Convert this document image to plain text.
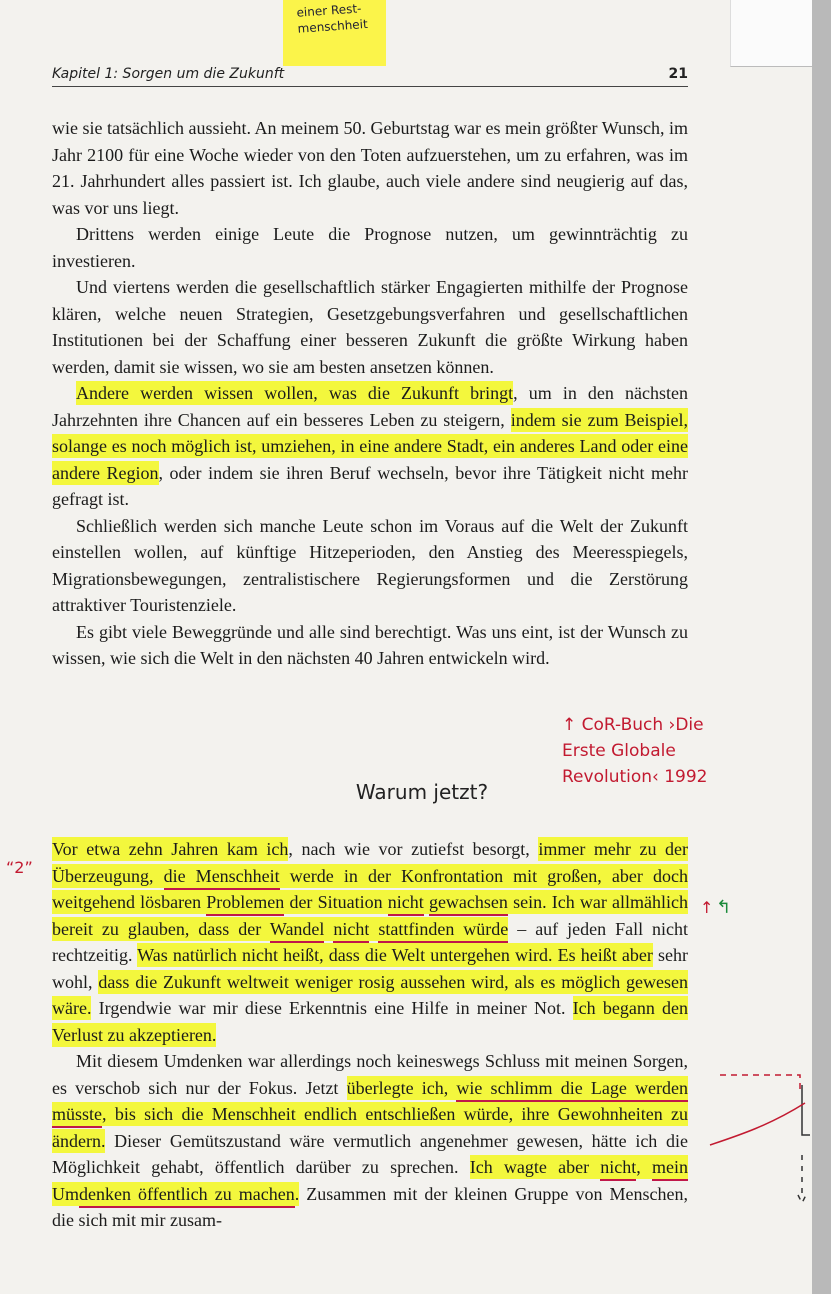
einer Rest-menschheit
Kapitel 1: Sorgen um die Zukunft	21

wie sie tatsächlich aussieht. An meinem 50. Geburtstag war es mein größter Wunsch, im Jahr 2100 für eine Woche wieder von den Toten aufzuerstehen, um zu erfahren, was im 21. Jahrhundert alles passiert ist. Ich glaube, auch viele andere sind neugierig auf das, was vor uns liegt.

Drittens werden einige Leute die Prognose nutzen, um gewinnträchtig zu investieren.

Und viertens werden die gesellschaftlich stärker Engagierten mithilfe der Prognose klären, welche neuen Strategien, Gesetzgebungsverfahren und gesellschaftlichen Institutionen bei der Schaffung einer besseren Zukunft die größte Wirkung haben werden, damit sie wissen, wo sie am besten ansetzen können.

Andere werden wissen wollen, was die Zukunft bringt, um in den nächsten Jahrzehnten ihre Chancen auf ein besseres Leben zu steigern, indem sie zum Beispiel, solange es noch möglich ist, umziehen, in eine andere Stadt, ein anderes Land oder eine andere Region, oder indem sie ihren Beruf wechseln, bevor ihre Tätigkeit nicht mehr gefragt ist.

Schließlich werden sich manche Leute schon im Voraus auf die Welt der Zukunft einstellen wollen, auf künftige Hitzeperioden, den Anstieg des Meeresspiegels, Migrationsbewegungen, zentralistischere Regierungsformen und die Zerstörung attraktiver Touristenziele.

Es gibt viele Beweggründe und alle sind berechtigt. Was uns eint, ist der Wunsch zu wissen, wie sich die Welt in den nächsten 40 Jahren entwickeln wird.

↑ CoR-Buch ›Die
Erste Globale
Revolution‹ 1992
Warum jetzt?

Vor etwa zehn Jahren kam ich, nach wie vor zutiefst besorgt, immer mehr zu der Überzeugung, die Menschheit werde in der Konfrontation mit großen, aber doch weitgehend lösbaren Problemen der Situation nicht gewachsen sein. Ich war allmählich bereit zu glauben, dass der Wandel nicht stattfinden würde – auf jeden Fall nicht rechtzeitig. Was natürlich nicht heißt, dass die Welt untergehen wird. Es heißt aber sehr wohl, dass die Zukunft weltweit weniger rosig aussehen wird, als es möglich gewesen wäre. Irgendwie war mir diese Erkenntnis eine Hilfe in meiner Not. Ich begann den Verlust zu akzeptieren.

Mit diesem Umdenken war allerdings noch keineswegs Schluss mit meinen Sorgen, es verschob sich nur der Fokus. Jetzt überlegte ich, wie schlimm die Lage werden müsste, bis sich die Menschheit endlich entschließen würde, ihre Gewohnheiten zu ändern. Dieser Gemütszustand wäre vermutlich angenehmer gewesen, hätte ich die Möglichkeit gehabt, öffentlich darüber zu sprechen. Ich wagte aber nicht, mein Umdenken öffentlich zu machen. Zusammen mit der kleinen Gruppe von Menschen, die sich mit mir zusam-

“2”
↑ ↰
